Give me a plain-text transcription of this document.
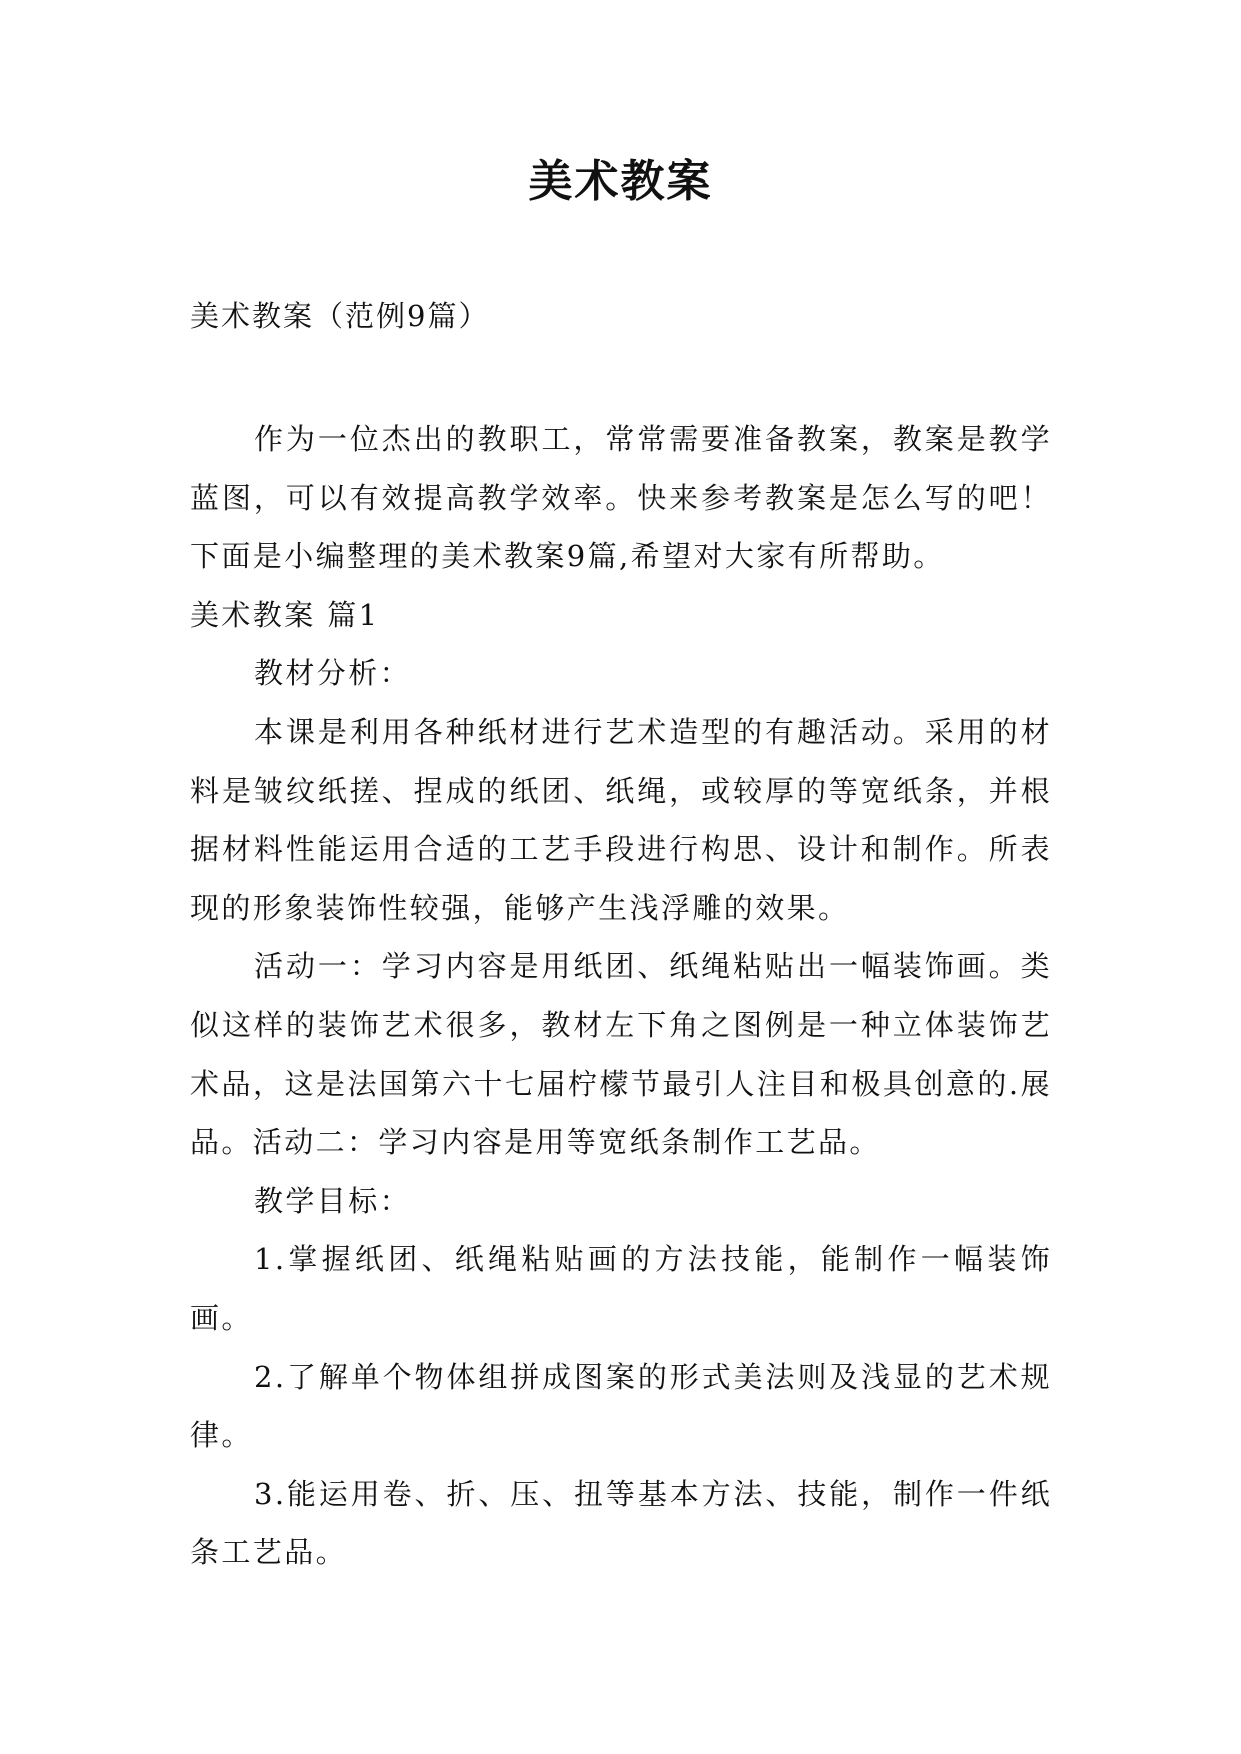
美术教案

美术教案（范例9篇）

作为一位杰出的教职工，常常需要准备教案，教案是教学蓝图，可以有效提高教学效率。快来参考教案是怎么写的吧！下面是小编整理的美术教案9篇,希望对大家有所帮助。

美术教案 篇1

教材分析：

本课是利用各种纸材进行艺术造型的有趣活动。采用的材料是皱纹纸搓、捏成的纸团、纸绳，或较厚的等宽纸条，并根据材料性能运用合适的工艺手段进行构思、设计和制作。所表现的形象装饰性较强，能够产生浅浮雕的效果。

活动一：学习内容是用纸团、纸绳粘贴出一幅装饰画。类似这样的装饰艺术很多，教材左下角之图例是一种立体装饰艺术品，这是法国第六十七届柠檬节最引人注目和极具创意的.展品。活动二：学习内容是用等宽纸条制作工艺品。

教学目标：

1.掌握纸团、纸绳粘贴画的方法技能，能制作一幅装饰画。

2.了解单个物体组拼成图案的形式美法则及浅显的艺术规律。

3.能运用卷、折、压、扭等基本方法、技能，制作一件纸条工艺品。
